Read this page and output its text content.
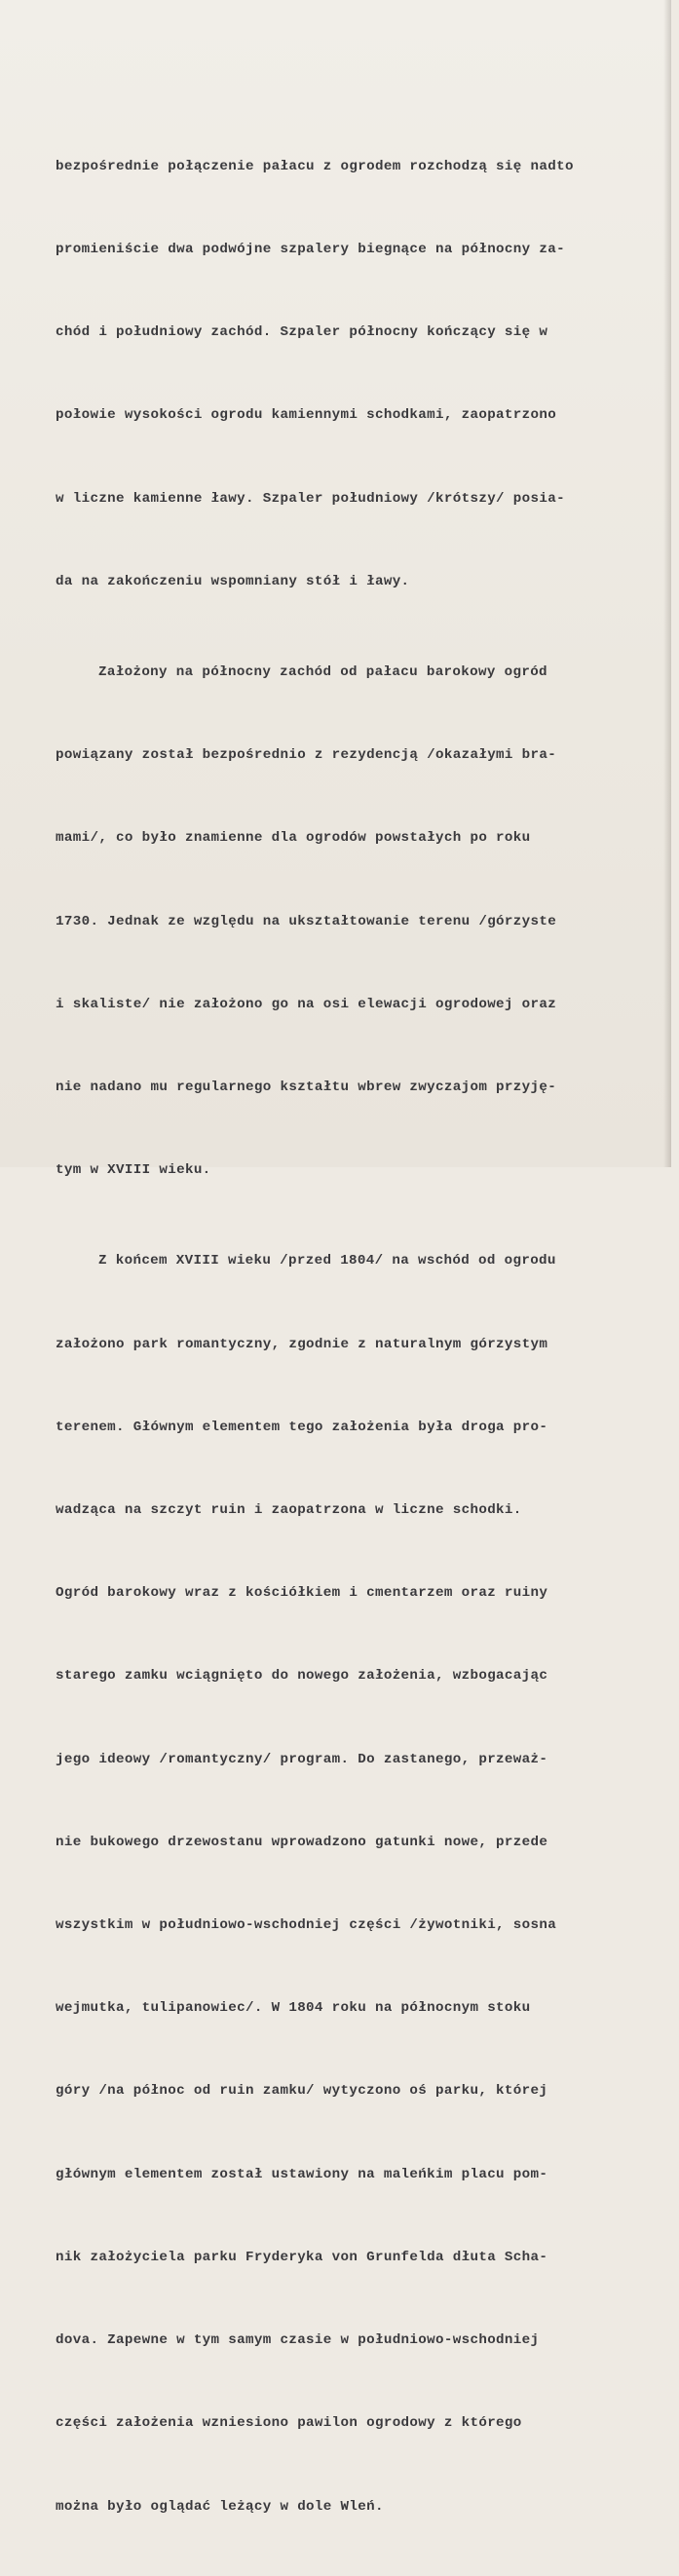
bezpośrednie połączenie pałacu z ogrodem rozchodzą się nadto

promieniście dwa podwójne szpalery biegnące na północny za-

chód i południowy zachód. Szpaler północny kończący się w

połowie wysokości ogrodu kamiennymi schodkami, zaopatrzono

w liczne kamienne ławy. Szpaler południowy /krótszy/ posia-

da na zakończeniu wspomniany stół i ławy.

Założony na północny zachód od pałacu barokowy ogród

powiązany został bezpośrednio z rezydencją /okazałymi bra-

mami/, co było znamienne dla ogrodów powstałych po roku

1730. Jednak ze względu na ukształtowanie terenu /górzyste

i skaliste/ nie założono go na osi elewacji ogrodowej oraz

nie nadano mu regularnego kształtu wbrew zwyczajom przyję-

tym w XVIII wieku.

Z końcem XVIII wieku /przed 1804/ na wschód od ogrodu

założono park romantyczny, zgodnie z naturalnym górzystym

terenem. Głównym elementem tego założenia była droga pro-

wadząca na szczyt ruin i zaopatrzona w liczne schodki.

Ogród barokowy wraz z kościółkiem i cmentarzem oraz ruiny

starego zamku wciągnięto do nowego założenia, wzbogacając

jego ideowy /romantyczny/ program. Do zastanego, przeważ-

nie bukowego drzewostanu wprowadzono gatunki nowe, przede

wszystkim w południowo-wschodniej części /żywotniki, sosna

wejmutka, tulipanowiec/. W 1804 roku na północnym stoku

góry /na północ od ruin zamku/ wytyczono oś parku, której

głównym elementem został ustawiony na maleńkim placu pom-

nik założyciela parku Fryderyka von Grunfelda dłuta Scha-

dova. Zapewne w tym samym czasie w południowo-wschodniej

części założenia wzniesiono pawilon ogrodowy z którego

można było oglądać leżący w dole Wleń.
